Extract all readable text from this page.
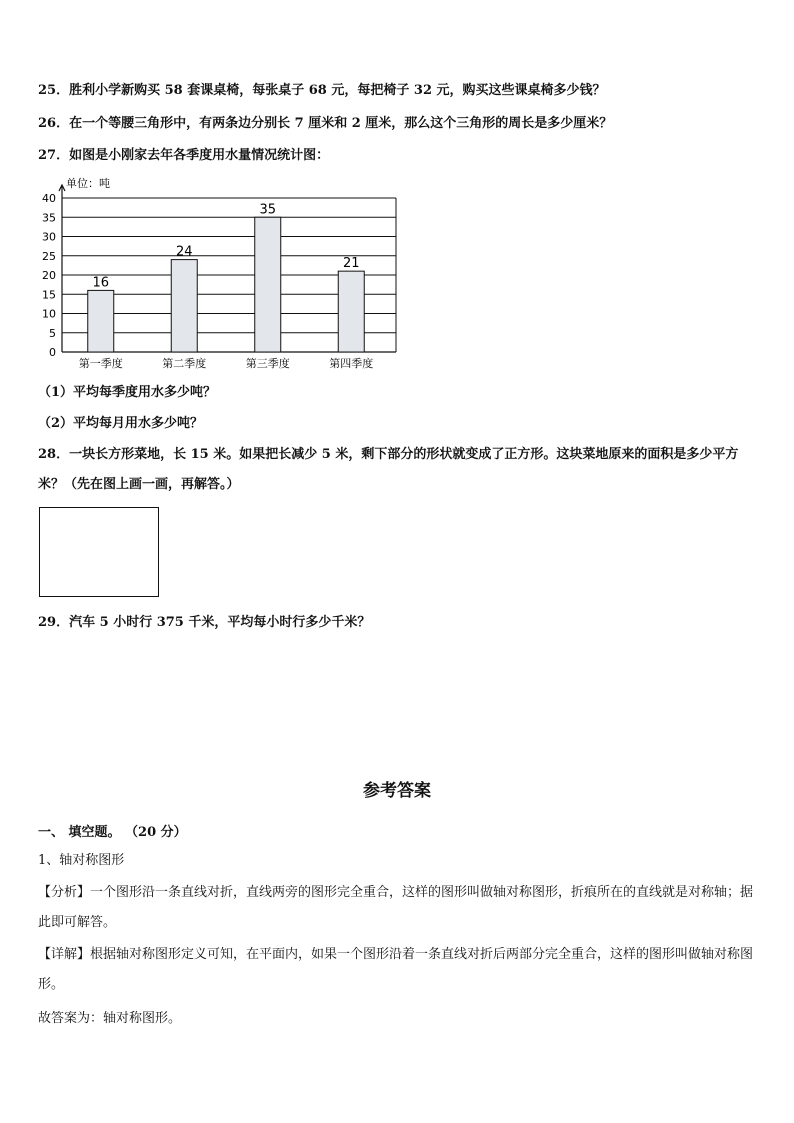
25．胜利小学新购买 58 套课桌椅，每张桌子 68 元，每把椅子 32 元，购买这些课桌椅多少钱？
26．在一个等腰三角形中，有两条边分别长 7 厘米和 2 厘米，那么这个三角形的周长是多少厘米？
27．如图是小刚家去年各季度用水量情况统计图：
0
5
10
15
20
25
30
35
40
16
第一季度
24
第二季度
35
第三季度
21
第四季度
单位：吨
（1）平均每季度用水多少吨？
（2）平均每月用水多少吨？
28．一块长方形菜地，长 15 米。如果把长减少 5 米，剩下部分的形状就变成了正方形。这块菜地原来的面积是多少平方米？（先在图上画一画，再解答。）
29．汽车 5 小时行 375 千米，平均每小时行多少千米？
参考答案
一、 填空题。 （20 分）
1、轴对称图形
【分析】一个图形沿一条直线对折，直线两旁的图形完全重合，这样的图形叫做轴对称图形，折痕所在的直线就是对称轴；据此即可解答。
【详解】根据轴对称图形定义可知，在平面内，如果一个图形沿着一条直线对折后两部分完全重合，这样的图形叫做轴对称图形。
故答案为：轴对称图形。
